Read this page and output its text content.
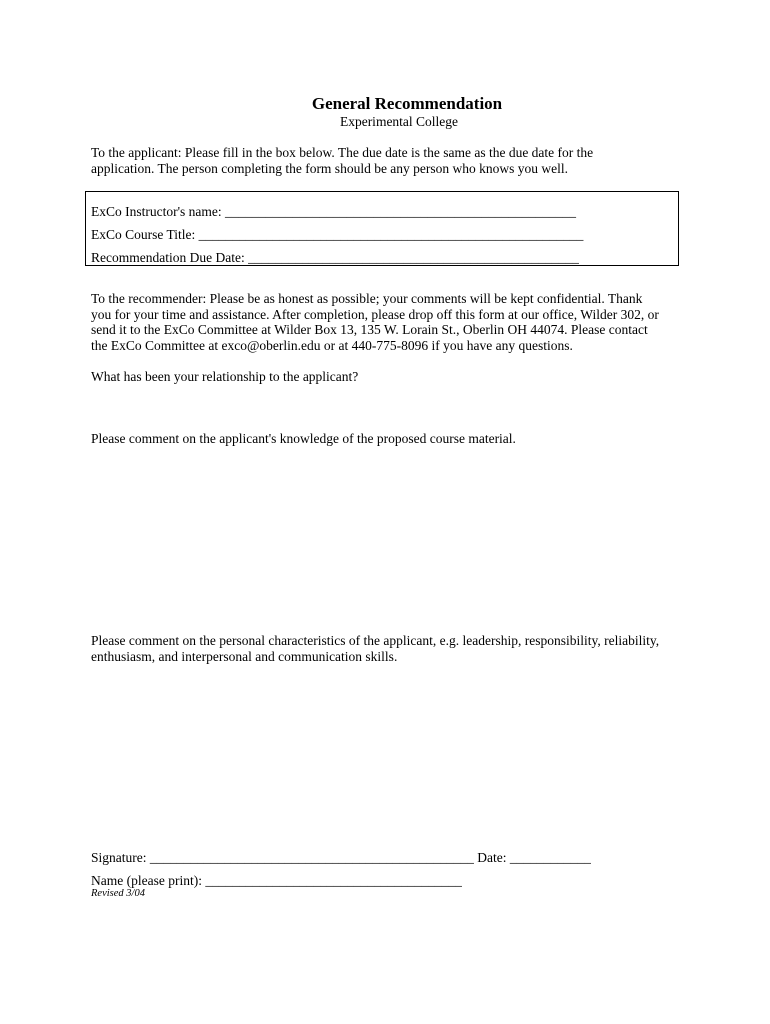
General Recommendation
Experimental College
To the applicant: Please fill in the box below. The due date is the same as the due date for the
application. The person completing the form should be any person who knows you well.
ExCo Instructor's name: ____________________________________________________
ExCo Course Title: _________________________________________________________
Recommendation Due Date: _________________________________________________
To the recommender: Please be as honest as possible; your comments will be kept confidential. Thank
you for your time and assistance. After completion, please drop off this form at our office, Wilder 302, or
send it to the ExCo Committee at Wilder Box 13, 135 W. Lorain St., Oberlin OH 44074. Please contact
the ExCo Committee at exco@oberlin.edu or at 440-775-8096 if you have any questions.
What has been your relationship to the applicant?
Please comment on the applicant's knowledge of the proposed course material.
Please comment on the personal characteristics of the applicant, e.g. leadership, responsibility, reliability,
enthusiasm, and interpersonal and communication skills.
Signature: ________________________________________________ Date: ____________
Name (please print): ______________________________________
Revised 3/04
